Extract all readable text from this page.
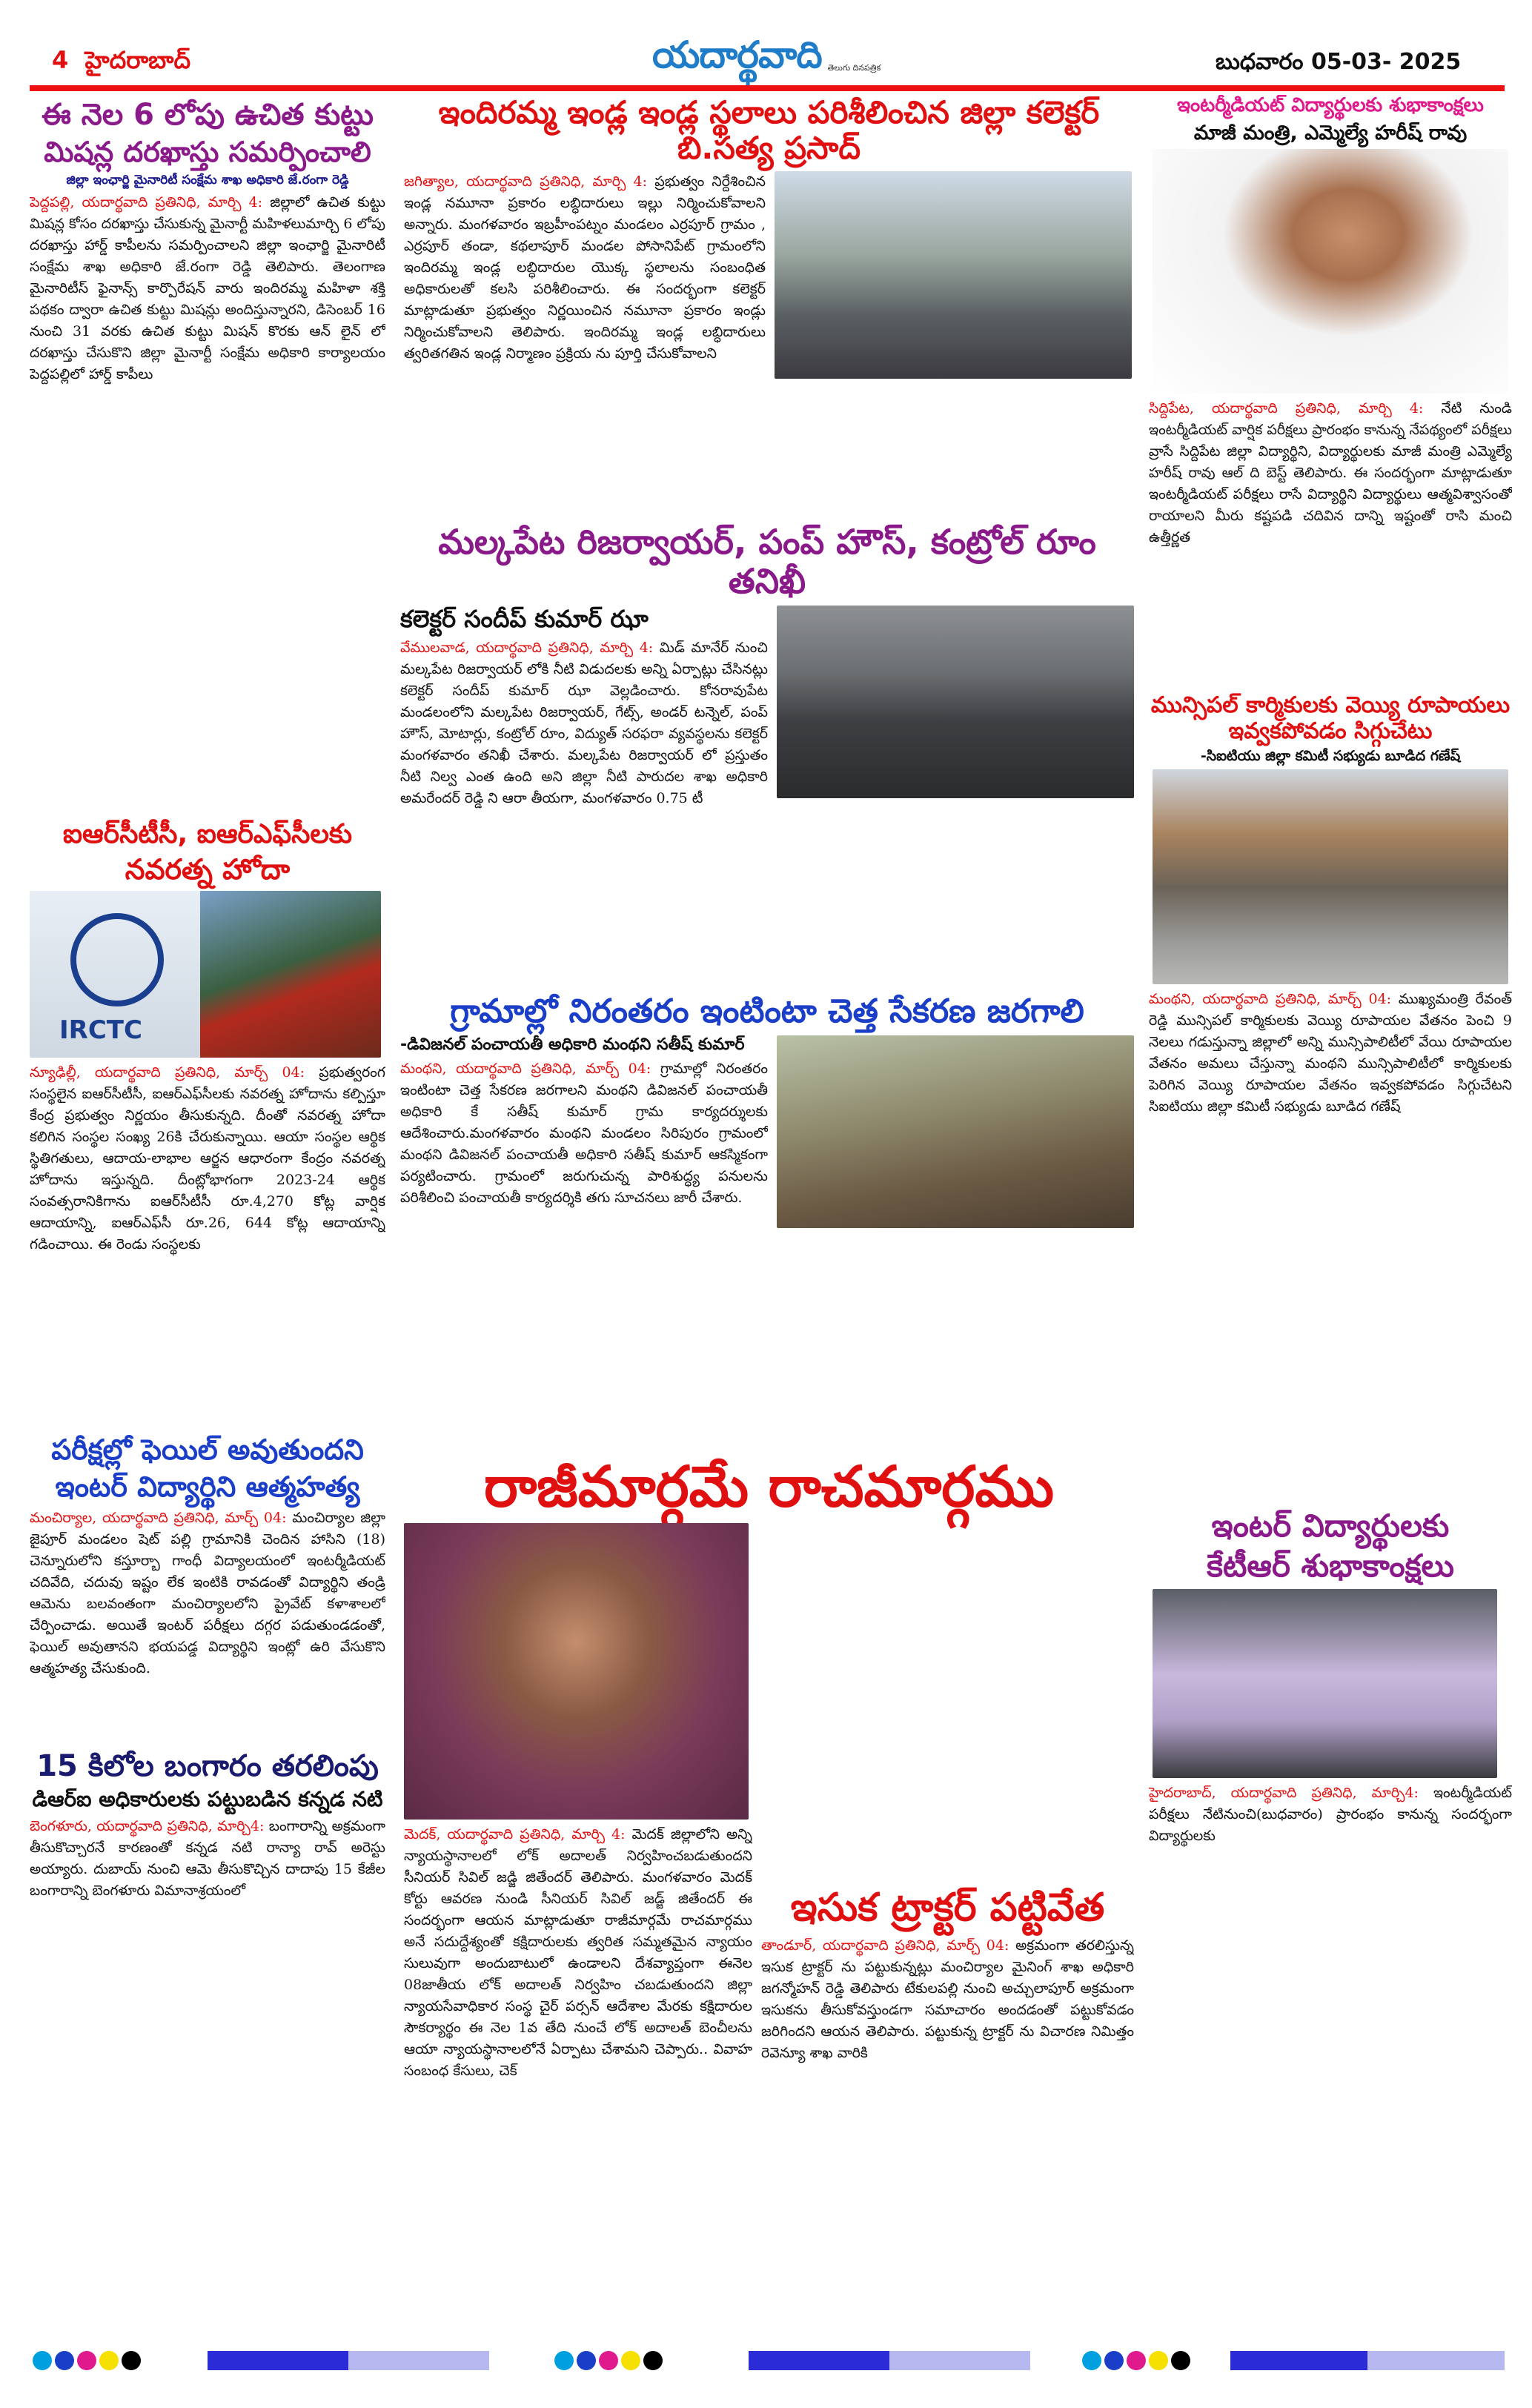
4 హైదరాబాద్	యదార్థవాది తెలుగు దినపత్రిక	బుధవారం 05-03- 2025
ఈ నెల 6 లోపు ఉచిత కుట్టు
మిషన్ల దరఖాస్తు సమర్పించాలి
జిల్లా ఇంఛార్జి మైనారిటీ సంక్షేమ శాఖ అధికారి జే.రంగా రెడ్డి
పెద్దపల్లి, యదార్థవాది ప్రతినిధి, మార్చి 4: జిల్లాలో ఉచిత కుట్టు మిషన్ల కోసం దరఖాస్తు చేసుకున్న మైనార్టీ మహిళలుమార్చి 6 లోపు దరఖాస్తు హార్డ్ కాపీలను సమర్పించాలని జిల్లా ఇంఛార్జి మైనారిటీ సంక్షేమ శాఖ అధికారి జే.రంగా రెడ్డి తెలిపారు. తెలంగాణ మైనారిటీస్ ఫైనాన్స్ కార్పొరేషన్ వారు ఇందిరమ్మ మహిళా శక్తి పథకం ద్వారా ఉచిత కుట్టు మిషన్లు అందిస్తున్నారని, డిసెంబర్ 16 నుంచి 31 వరకు ఉచిత కుట్టు మిషన్ కొరకు ఆన్ లైన్ లో దరఖాస్తు చేసుకొని జిల్లా మైనార్టీ సంక్షేమ అధికారి కార్యాలయం పెద్దపల్లిలో హార్డ్ కాపీలు
ఐఆర్‌సీటీసీ, ఐఆర్‌ఎఫ్‌సీలకు
నవరత్న హోదా
IRCTC
న్యూఢిల్లీ, యదార్థవాది ప్రతినిధి, మార్చ్ 04: ప్రభుత్వరంగ సంస్థలైన ఐఆర్‌సీటీసీ, ఐఆర్‌ఎఫ్‌సీలకు నవరత్న హోదాను కల్పిస్తూ కేంద్ర ప్రభుత్వం నిర్ణయం తీసుకున్నది. దీంతో నవరత్న హోదా కలిగిన సంస్థల సంఖ్య 26కి చేరుకున్నాయి. ఆయా సంస్థల ఆర్థిక స్థితిగతులు, ఆదాయ-లాభాల ఆర్జన ఆధారంగా కేంద్రం నవరత్న హోదాను ఇస్తున్నది. దీంట్లోభాగంగా 2023-24 ఆర్థిక సంవత్సరానికిగాను ఐఆర్‌సీటీసీ రూ.4,270 కోట్ల వార్షిక ఆదాయాన్ని, ఐఆర్‌ఎఫ్‌సీ రూ.26, 644 కోట్ల ఆదాయాన్ని గడించాయి. ఈ రెండు సంస్థలకు
పరీక్షల్లో ఫెయిల్ అవుతుందని
ఇంటర్ విద్యార్థిని ఆత్మహత్య
మంచిర్యాల, యదార్థవాది ప్రతినిధి, మార్చ్ 04: మంచిర్యాల జిల్లా జైపూర్ మండలం షెట్ పల్లి గ్రామానికి చెందిన హాసిని (18) చెన్నూరులోని కస్తూర్బా గాంధీ విద్యాలయంలో ఇంటర్మీడియట్ చదివేది, చదువు ఇష్టం లేక ఇంటికి రావడంతో విద్యార్థిని తండ్రి ఆమెను బలవంతంగా మంచిర్యాలలోని ప్రైవేట్ కళాశాలలో చేర్పించాడు. అయితే ఇంటర్ పరీక్షలు దగ్గర పడుతుండడంతో, ఫెయిల్ అవుతానని భయపడ్డ విద్యార్థిని ఇంట్లో ఉరి వేసుకొని ఆత్మహత్య చేసుకుంది.
15 కిలోల బంగారం తరలింపు
డిఆర్‌ఐ అధికారులకు పట్టుబడిన కన్నడ నటి
బెంగళూరు, యదార్థవాది ప్రతినిధి, మార్చి4: బంగారాన్ని అక్రమంగా తీసుకొచ్చారనే కారణంతో కన్నడ నటి రాన్యా రావ్ అరెస్టు అయ్యారు. దుబాయ్ నుంచి ఆమె తీసుకొచ్చిన దాదాపు 15 కేజీల బంగారాన్ని బెంగళూరు విమానాశ్రయంలో
ఇందిరమ్మ ఇండ్ల ఇండ్ల స్థలాలు పరిశీలించిన జిల్లా కలెక్టర్ బి.సత్య ప్రసాద్
జగిత్యాల, యదార్థవాది ప్రతినిధి, మార్చి 4: ప్రభుత్వం నిర్దేశించిన ఇండ్ల నమూనా ప్రకారం లబ్ధిదారులు ఇల్లు నిర్మించుకోవాలని అన్నారు. మంగళవారం ఇబ్రహీంపట్నం మండలం ఎర్రపూర్ గ్రామం , ఎర్రపూర్ తండా, కథలాపూర్ మండల పోసానిపేట్ గ్రామంలోని ఇందిరమ్మ ఇండ్ల లబ్ధిదారుల యొక్క స్థలాలను సంబంధిత అధికారులతో కలసి పరిశీలించారు. ఈ సందర్భంగా కలెక్టర్ మాట్లాడుతూ ప్రభుత్వం నిర్ణయించిన నమూనా ప్రకారం ఇండ్లు నిర్మించుకోవాలని తెలిపారు. ఇందిరమ్మ ఇండ్ల లబ్ధిదారులు త్వరితగతిన ఇండ్ల నిర్మాణం ప్రక్రియ ను పూర్తి చేసుకోవాలని
మల్కపేట రిజర్వాయర్, పంప్ హౌస్, కంట్రోల్ రూం తనిఖీ
కలెక్టర్ సందీప్ కుమార్ ఝా
వేములవాడ, యదార్థవాది ప్రతినిధి, మార్చి 4: మిడ్ మానేర్ నుంచి మల్కపేట రిజర్వాయర్ లోకి నీటి విడుదలకు అన్ని ఏర్పాట్లు చేసినట్లు కలెక్టర్ సందీప్ కుమార్ ఝా వెల్లడించారు. కోనరావుపేట మండలంలోని మల్కపేట రిజర్వాయర్, గేట్స్, అండర్ టన్నెల్, పంప్ హౌస్, మోటార్లు, కంట్రోల్ రూం, విద్యుత్ సరఫరా వ్యవస్థలను కలెక్టర్ మంగళవారం తనిఖీ చేశారు. మల్కపేట రిజర్వాయర్ లో ప్రస్తుతం నీటి నిల్వ ఎంత ఉంది అని జిల్లా నీటి పారుదల శాఖ అధికారి అమరేందర్ రెడ్డి ని ఆరా తీయగా, మంగళవారం 0.75 టీ
గ్రామాల్లో నిరంతరం ఇంటింటా చెత్త సేకరణ జరగాలి
-డివిజనల్ పంచాయతీ అధికారి మంథని సతీష్ కుమార్
మంథని, యదార్థవాది ప్రతినిధి, మార్చ్ 04: గ్రామాల్లో నిరంతరం ఇంటింటా చెత్త సేకరణ జరగాలని మంథని డివిజనల్ పంచాయతీ అధికారి కే సతీష్ కుమార్ గ్రామ కార్యదర్శులకు ఆదేశించారు.మంగళవారం మంథని మండలం సిరిపురం గ్రామంలో మంథని డివిజనల్ పంచాయతీ అధికారి సతీష్ కుమార్ ఆకస్మికంగా పర్యటించారు. గ్రామంలో జరుగుచున్న పారిశుద్ధ్య పనులను పరిశీలించి పంచాయతీ కార్యదర్శికి తగు సూచనలు జారీ చేశారు.
రాజీమార్గమే రాచమార్గము
మెదక్, యదార్థవాది ప్రతినిధి, మార్చి 4: మెదక్ జిల్లాలోని అన్ని న్యాయస్థానాలలో లోక్ అదాలత్ నిర్వహించబడుతుందని సీనియర్ సివిల్ జడ్జి జితేందర్ తెలిపారు. మంగళవారం మెదక్ కోర్టు ఆవరణ నుండి సీనియర్ సివిల్ జడ్జ్ జితేందర్ ఈ సందర్భంగా ఆయన మాట్లాడుతూ రాజీమార్గమే రాచమార్గము అనే సదుద్దేశ్యంతో కక్షిదారులకు త్వరిత సమ్మతమైన న్యాయం సులువుగా అందుబాటులో ఉండాలని దేశవ్యాప్తంగా ఈనెల 08జాతీయ లోక్ అదాలత్ నిర్వహిం చబడుతుందని జిల్లా న్యాయసేవాధికార సంస్థ చైర్ పర్సన్ ఆదేశాల మేరకు కక్షిదారుల సౌకర్యార్థం ఈ నెల 1వ తేది నుంచే లోక్ అదాలత్ బెంచీలను ఆయా న్యాయస్థానాలలోనే ఏర్పాటు చేశామని చెప్పారు.. వివాహ సంబంధ కేసులు, చెక్
ఇసుక ట్రాక్టర్ పట్టివేత
తాండూర్, యదార్థవాది ప్రతినిధి, మార్చ్ 04: అక్రమంగా తరలిస్తున్న ఇసుక ట్రాక్టర్ ను పట్టుకున్నట్లు మంచిర్యాల మైనింగ్ శాఖ అధికారి జగన్మోహన్ రెడ్డి తెలిపారు టేకులపల్లి నుంచి అచ్చులాపూర్ అక్రమంగా ఇసుకను తీసుకోవస్తుండగా సమాచారం అందడంతో పట్టుకోవడం జరిగిందని ఆయన తెలిపారు. పట్టుకున్న ట్రాక్టర్ ను విచారణ నిమిత్తం రెవెన్యూ శాఖ వారికి
ఇంటర్మీడియట్ విద్యార్థులకు శుభాకాంక్షలు
మాజీ మంత్రి, ఎమ్మెల్యే హరీష్ రావు
సిద్దిపేట, యదార్థవాది ప్రతినిధి, మార్చి 4: నేటి నుండి ఇంటర్మీడియట్ వార్షిక పరీక్షలు ప్రారంభం కానున్న నేపథ్యంలో పరీక్షలు వ్రాసే సిద్దిపేట జిల్లా విద్యార్థిని, విద్యార్థులకు మాజీ మంత్రి ఎమ్మెల్యే హరీష్ రావు ఆల్ ది బెస్ట్ తెలిపారు. ఈ సందర్భంగా మాట్లాడుతూ ఇంటర్మీడియట్ పరీక్షలు రాసే విద్యార్థిని విద్యార్థులు ఆత్మవిశ్వాసంతో రాయాలని మీరు కష్టపడి చదివిన దాన్ని ఇష్టంతో రాసి మంచి ఉత్తీర్ణత
మున్సిపల్ కార్మికులకు వెయ్యి రూపాయలు ఇవ్వకపోవడం సిగ్గుచేటు
-సిఐటియు జిల్లా కమిటీ సభ్యుడు బూడిద గణేష్
మంథని, యదార్థవాది ప్రతినిధి, మార్చ్ 04: ముఖ్యమంత్రి రేవంత్ రెడ్డి మున్సిపల్ కార్మికులకు వెయ్యి రూపాయల వేతనం పెంచి 9 నెలలు గడుస్తున్నా జిల్లాలో అన్ని మున్సిపాలిటీలో వేయి రూపాయల వేతనం అమలు చేస్తున్నా మంథని మున్సిపాలిటీలో కార్మికులకు పెరిగిన వెయ్యి రూపాయల వేతనం ఇవ్వకపోవడం సిగ్గుచేటని సిఐటియు జిల్లా కమిటీ సభ్యుడు బూడిద గణేష్
ఇంటర్ విద్యార్థులకు
కేటీఆర్ శుభాకాంక్షలు
హైదరాబాద్, యదార్థవాది ప్రతినిధి, మార్చి4: ఇంటర్మీడియట్ పరీక్షలు నేటినుంచి(బుధవారం) ప్రారంభం కానున్న సందర్భంగా విద్యార్థులకు
